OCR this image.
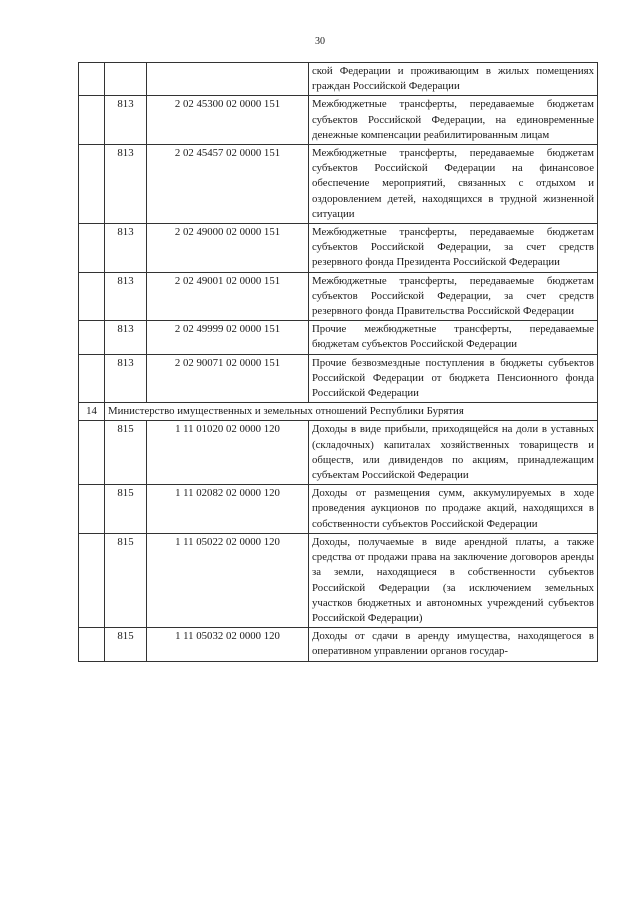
30
			ской Федерации и проживающим в жилых помещениях граждан Российской Федерации
	813	2 02 45300 02 0000 151	Межбюджетные трансферты, передаваемые бюджетам субъектов Российской Федерации, на единовременные денежные компенсации реабилитированным лицам
	813	2 02 45457 02 0000 151	Межбюджетные трансферты, передаваемые бюджетам субъектов Российской Федерации на финансовое обеспечение мероприятий, связанных с отдыхом и оздоровлением детей, находящихся в трудной жизненной ситуации
	813	2 02 49000 02 0000 151	Межбюджетные трансферты, передаваемые бюджетам субъектов Российской Федерации, за счет средств резервного фонда Президента Российской Федерации
	813	2 02 49001 02 0000 151	Межбюджетные трансферты, передаваемые бюджетам субъектов Российской Федерации, за счет средств резервного фонда Правительства Российской Федерации
	813	2 02 49999 02 0000 151	Прочие межбюджетные трансферты, передаваемые бюджетам субъектов Российской Федерации
	813	2 02 90071 02 0000 151	Прочие безвозмездные поступления в бюджеты субъектов Российской Федерации от бюджета Пенсионного фонда Российской Федерации
14	Министерство имущественных и земельных отношений Республики Бурятия		
	815	1 11 01020 02 0000 120	Доходы в виде прибыли, приходящейся на доли в уставных (складочных) капиталах хозяйственных товариществ и обществ, или дивидендов по акциям, принадлежащим субъектам Российской Федерации
	815	1 11 02082 02 0000 120	Доходы от размещения сумм, аккумулируемых в ходе проведения аукционов по продаже акций, находящихся в собственности субъектов Российской Федерации
	815	1 11 05022 02 0000 120	Доходы, получаемые в виде арендной платы, а также средства от продажи права на заключение договоров аренды за земли, находящиеся в собственности субъектов Российской Федерации (за исключением земельных участков бюджетных и автономных учреждений субъектов Российской Федерации)
	815	1 11 05032 02 0000 120	Доходы от сдачи в аренду имущества, находящегося в оперативном управлении органов государ-
